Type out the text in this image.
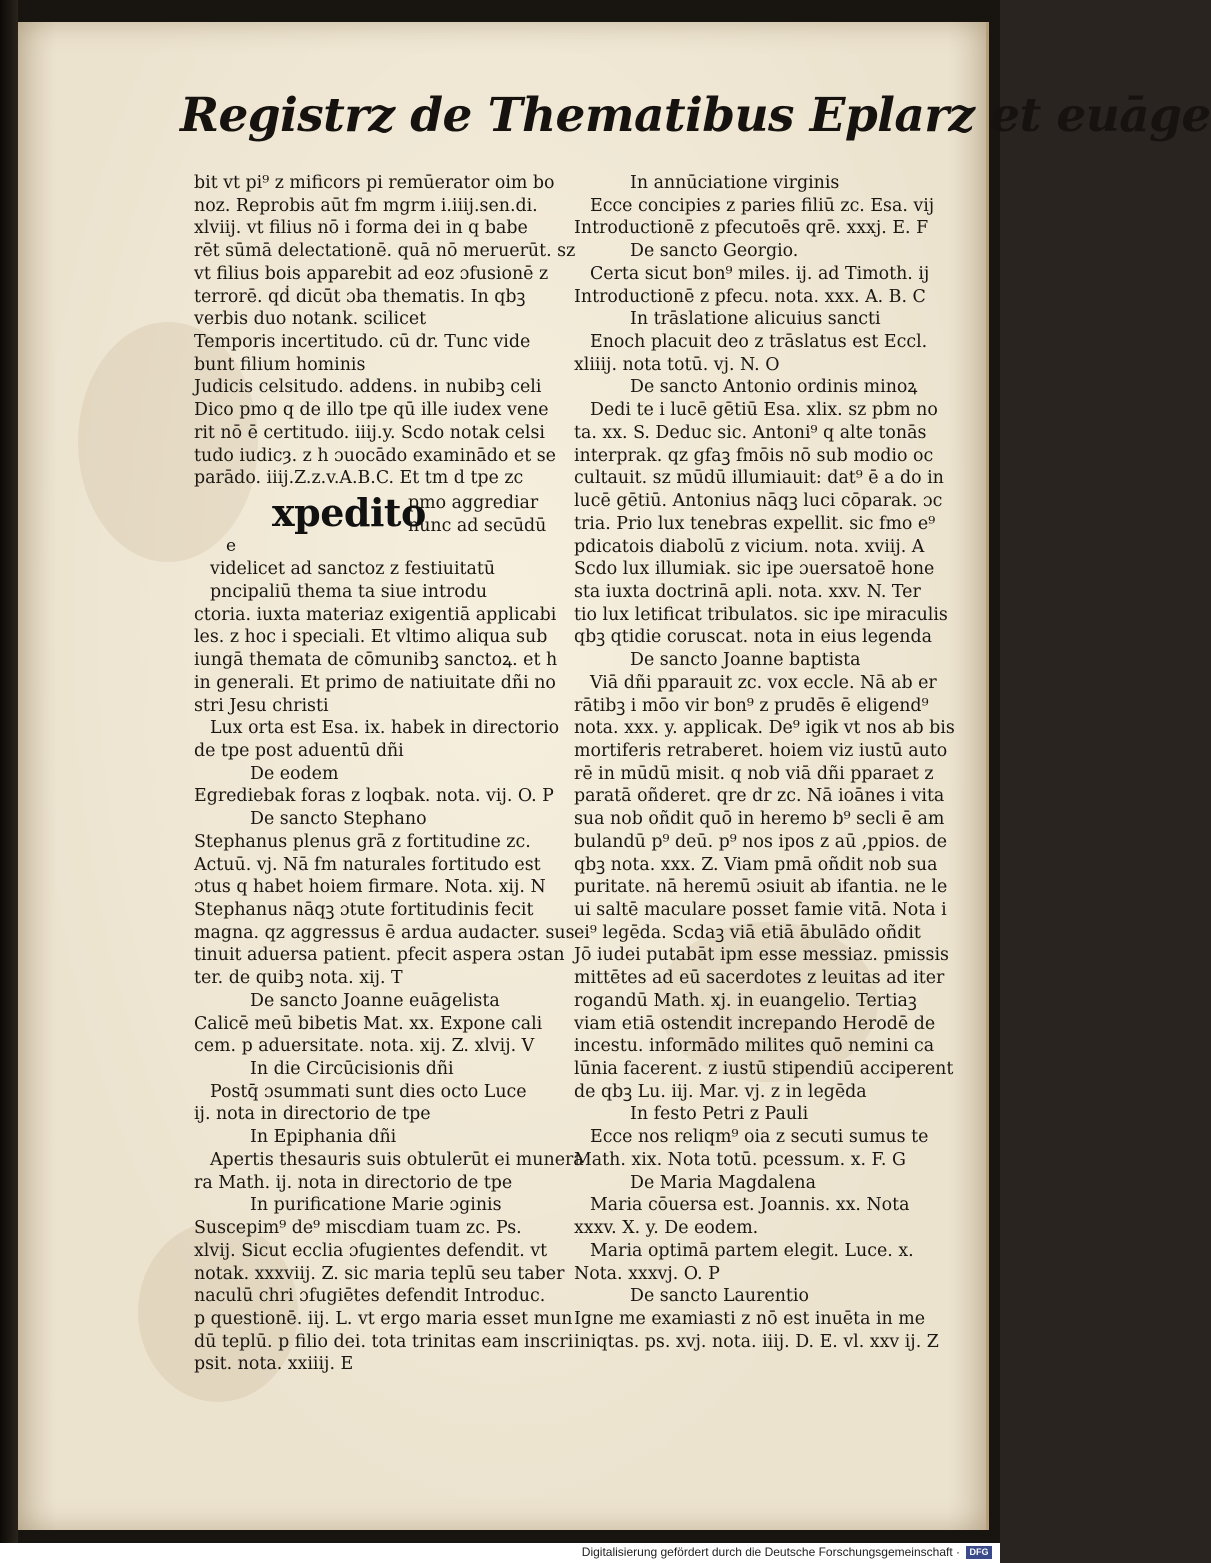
Registrz de Thematibus Eplarz et euāge
bit vt pi⁹ z mificors pi remūerator oim bo
noz. Reprobis aūt fm mgrm i.iiij.sen.di.
xlviij. vt filius nō i forma dei in q babe
rēt sūmā delectationē. quā nō meruerūt. sz
vt filius bois apparebit ad eoz ɔfusionē z
terrorē. qḋ dicūt ɔba thematis. In qbꝫ
verbis duo notank. scilicet
Temporis incertitudo. cū dr. Tunc vide
bunt filium hominis
Judicis celsitudo. addens. in nubibꝫ celi
Dico pmo q de illo tpe qū ille iudex vene
rit nō ē certitudo. iiij.y. Scdo notak celsi
tudo iudicȝ. z h ɔuocādo examinādo et se
parādo. iiij.Z.z.v.A.B.C. Et tm d tpe zc
xpedito
e
pmo aggrediar
nunc ad secūdū
videlicet ad sanctoz z festiuitatū
pncipaliū thema ta siue introdu
ctoria. iuxta materiaz exigentiā applicabi
les. z hoc i speciali. Et vltimo aliqua sub
iungā themata de cōmunibꝫ sanctoꝝ. et h
in generali. Et primo de natiuitate dñi no
stri Jesu christi
Lux orta est Esa. ix. habek in directorio
de tpe post aduentū dñi
De eodem
Egrediebak foras z loqbak. nota. vij. O. P
De sancto Stephano
Stephanus plenus grā z fortitudine zc.
Actuū. vj. Nā fm naturales fortitudo est
ɔtus q habet hoiem firmare. Nota. xij. N
Stephanus nāqꝫ ɔtute fortitudinis fecit
magna. qz aggressus ē ardua audacter. sus
tinuit aduersa patient. pfecit aspera ɔstan
ter. de quibꝫ nota. xij. T
De sancto Joanne euāgelista
Calicē meū bibetis Mat. xx. Expone cali
cem. p aduersitate. nota. xij. Z. xlvij. V
In die Circūcisionis dñi
Postq̄ ɔsummati sunt dies octo Luce
ij. nota in directorio de tpe
In Epiphania dñi
Apertis thesauris suis obtulerūt ei munera
ra Math. ij. nota in directorio de tpe
In purificatione Marie ɔginis
Suscepim⁹ de⁹ miscdiam tuam zc. Ps.
xlvij. Sicut ecclia ɔfugientes defendit. vt
notak. xxxviij. Z. sic maria teplū seu taber
naculū chri ɔfugiētes defendit Introduc.
p questionē. iij. L. vt ergo maria esset mun
dū teplū. p filio dei. tota trinitas eam inscri
psit. nota. xxiiij. E
In annūciatione virginis
Ecce concipies z paries filiū zc. Esa. vij
Introductionē z pfecutoēs qrē. xxxj. E. F
De sancto Georgio.
Certa sicut bon⁹ miles. ij. ad Timoth. ij
Introductionē z pfecu. nota. xxx. A. B. C
In trāslatione alicuius sancti
Enoch placuit deo z trāslatus est Eccl.
xliiij. nota totū. vj. N. O
De sancto Antonio ordinis minoꝝ
Dedi te i lucē gētiū Esa. xlix. sz pbm no
ta. xx. S. Deduc sic. Antoni⁹ q alte tonās
interprak. qz gfaꝫ fmōis nō sub modio oc
cultauit. sz mūdū illumiauit: dat⁹ ē a do in
lucē gētiū. Antonius nāqꝫ luci cōparak. ɔc
tria. Prio lux tenebras expellit. sic fmo e⁹
pdicatois diabolū z vicium. nota. xviij. A
Scdo lux illumiak. sic ipe ɔuersatoē hone
sta iuxta doctrinā apli. nota. xxv. N. Ter
tio lux letificat tribulatos. sic ipe miraculis
qbꝫ qtidie coruscat. nota in eius legenda
De sancto Joanne baptista
Viā dñi pparauit zc. vox eccle. Nā ab er
rātibꝫ i mōo vir bon⁹ z prudēs ē eligend⁹
nota. xxx. y. applicak. De⁹ igik vt nos ab bis
mortiferis retraberet. hoiem viz iustū auto
rē in mūdū misit. q nob viā dñi pparaet z
paratā oñderet. qre dr zc. Nā ioānes i vita
sua nob oñdit quō in heremo b⁹ secli ē am
bulandū p⁹ deū. p⁹ nos ipos z aū ,ppios. de
qbꝫ nota. xxx. Z. Viam pmā oñdit nob sua
puritate. nā heremū ɔsiuit ab ifantia. ne le
ui saltē maculare posset famie vitā. Nota i
ei⁹ legēda. Scdaꝫ viā etiā ābulādo oñdit
Jō iudei putabāt ipm esse messiaz. pmissis
mittētes ad eū sacerdotes z leuitas ad iter
rogandū Math. xj. in euangelio. Tertiaꝫ
viam etiā ostendit increpando Herodē de
incestu. informādo milites quō nemini ca
lūnia facerent. z iustū stipendiū acciperent
de qbꝫ Lu. iij. Mar. vj. z in legēda
In festo Petri z Pauli
Ecce nos reliqm⁹ oia z secuti sumus te
Math. xix. Nota totū. pcessum. x. F. G
De Maria Magdalena
Maria cōuersa est. Joannis. xx. Nota
xxxv. X. y. De eodem.
Maria optimā partem elegit. Luce. x.
Nota. xxxvj. O. P
De sancto Laurentio
Igne me examiasti z nō est inuēta in me
iniqtas. ps. xvj. nota. iiij. D. E. vl. xxv ij. Z
Digitalisierung gefördert durch die Deutsche Forschungsgemeinschaft ·	DFG
